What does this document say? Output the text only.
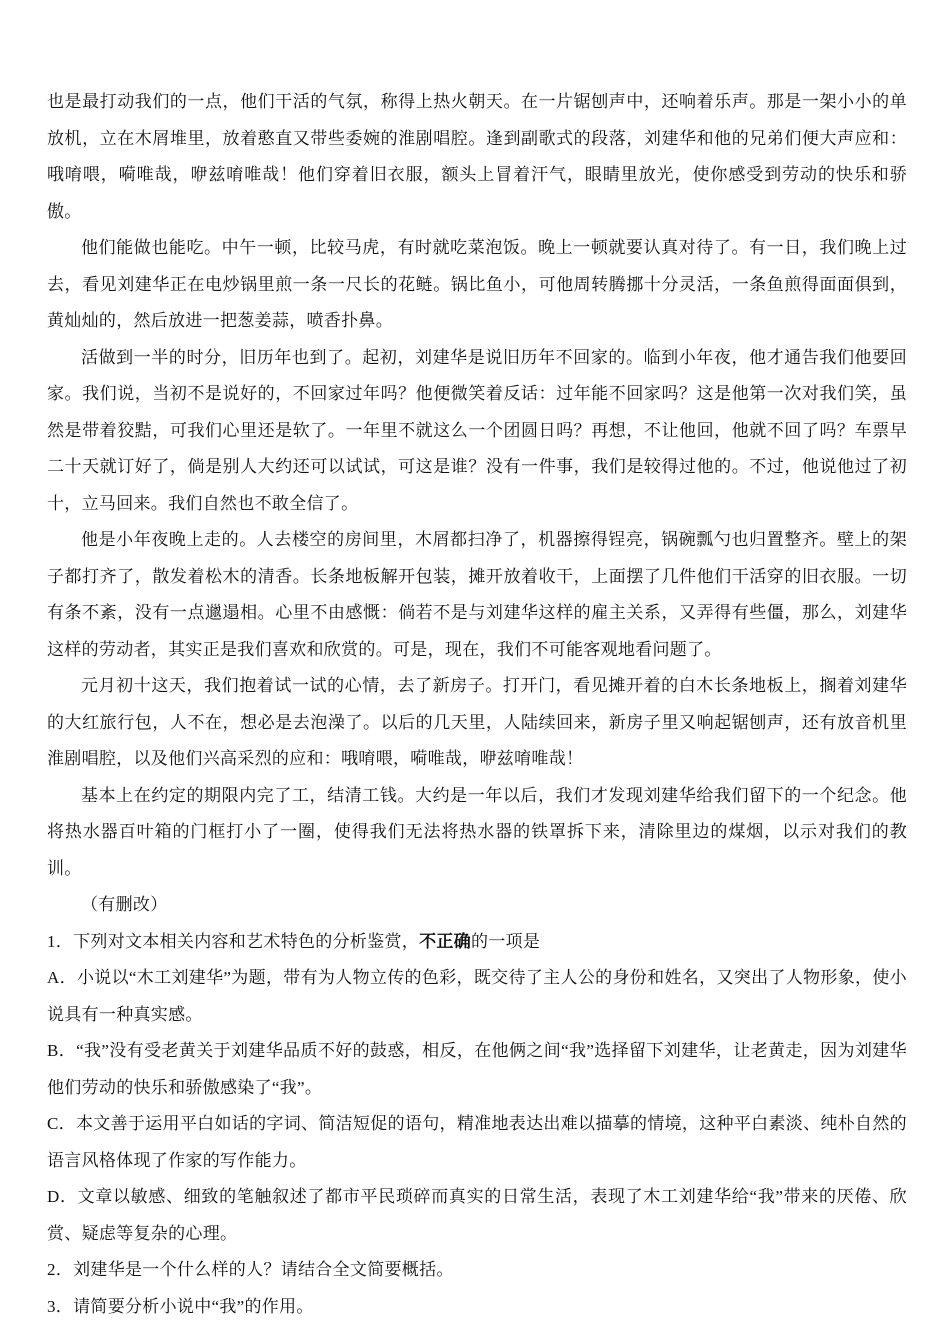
也是最打动我们的一点，他们干活的气氛，称得上热火朝天。在一片锯刨声中，还响着乐声。那是一架小小的单放机，立在木屑堆里，放着憨直又带些委婉的淮剧唱腔。逢到副歌式的段落，刘建华和他的兄弟们便大声应和：哦唷喂，嗬唯哉，咿兹唷唯哉！他们穿着旧衣服，额头上冒着汗气，眼睛里放光，使你感受到劳动的快乐和骄傲。

他们能做也能吃。中午一顿，比较马虎，有时就吃菜泡饭。晚上一顿就要认真对待了。有一日，我们晚上过去，看见刘建华正在电炒锅里煎一条一尺长的花鲢。锅比鱼小，可他周转腾挪十分灵活，一条鱼煎得面面俱到，黄灿灿的，然后放进一把葱姜蒜，喷香扑鼻。

活做到一半的时分，旧历年也到了。起初，刘建华是说旧历年不回家的。临到小年夜，他才通告我们他要回家。我们说，当初不是说好的，不回家过年吗？他便微笑着反话：过年能不回家吗？这是他第一次对我们笑，虽然是带着狡黠，可我们心里还是软了。一年里不就这么一个团圆日吗？再想，不让他回，他就不回了吗？车票早二十天就订好了，倘是别人大约还可以试试，可这是谁？没有一件事，我们是较得过他的。不过，他说他过了初十，立马回来。我们自然也不敢全信了。

他是小年夜晚上走的。人去楼空的房间里，木屑都扫净了，机器擦得锃亮，锅碗瓢勺也归置整齐。壁上的架子都打齐了，散发着松木的清香。长条地板解开包装，摊开放着收干，上面摆了几件他们干活穿的旧衣服。一切有条不紊，没有一点邋遢相。心里不由感慨：倘若不是与刘建华这样的雇主关系，又弄得有些僵，那么，刘建华这样的劳动者，其实正是我们喜欢和欣赏的。可是，现在，我们不可能客观地看问题了。

元月初十这天，我们抱着试一试的心情，去了新房子。打开门，看见摊开着的白木长条地板上，搁着刘建华的大红旅行包，人不在，想必是去泡澡了。以后的几天里，人陆续回来，新房子里又响起锯刨声，还有放音机里淮剧唱腔，以及他们兴高采烈的应和：哦唷喂，嗬唯哉，咿兹唷唯哉！

基本上在约定的期限内完了工，结清工钱。大约是一年以后，我们才发现刘建华给我们留下的一个纪念。他将热水器百叶箱的门框打小了一圈，使得我们无法将热水器的铁罩拆下来，清除里边的煤烟，以示对我们的教训。

（有删改）

1．下列对文本相关内容和艺术特色的分析鉴赏，不正确的一项是

A．小说以“木工刘建华”为题，带有为人物立传的色彩，既交待了主人公的身份和姓名，又突出了人物形象，使小说具有一种真实感。

B．“我”没有受老黄关于刘建华品质不好的鼓惑，相反，在他俩之间“我”选择留下刘建华，让老黄走，因为刘建华他们劳动的快乐和骄傲感染了“我”。

C．本文善于运用平白如话的字词、简洁短促的语句，精准地表达出难以描摹的情境，这种平白素淡、纯朴自然的语言风格体现了作家的写作能力。

D．文章以敏感、细致的笔触叙述了都市平民琐碎而真实的日常生活，表现了木工刘建华给“我”带来的厌倦、欣赏、疑虑等复杂的心理。

2．刘建华是一个什么样的人？请结合全文简要概括。

3．请简要分析小说中“我”的作用。
